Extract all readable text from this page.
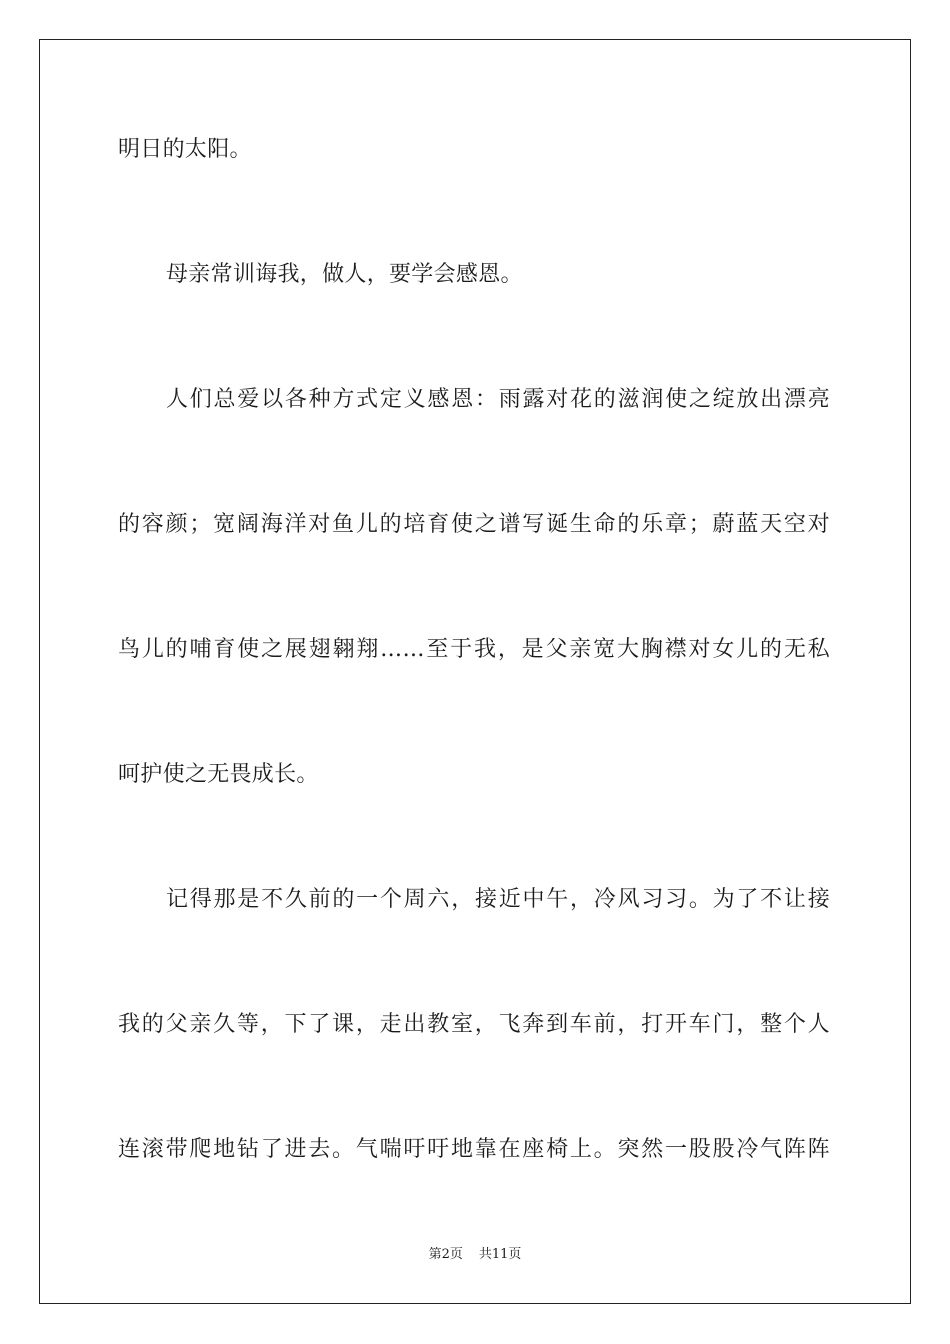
明日的太阳。
母亲常训诲我，做人，要学会感恩。
人们总爱以各种方式定义感恩：雨露对花的滋润使之绽放出漂亮
的容颜；宽阔海洋对鱼儿的培育使之谱写诞生命的乐章；蔚蓝天空对
鸟儿的哺育使之展翅翱翔……至于我，是父亲宽大胸襟对女儿的无私
呵护使之无畏成长。
记得那是不久前的一个周六，接近中午，冷风习习。为了不让接
我的父亲久等，下了课，走出教室，飞奔到车前，打开车门，整个人
连滚带爬地钻了进去。气喘吁吁地靠在座椅上。突然一股股冷气阵阵
第2页 共11页
